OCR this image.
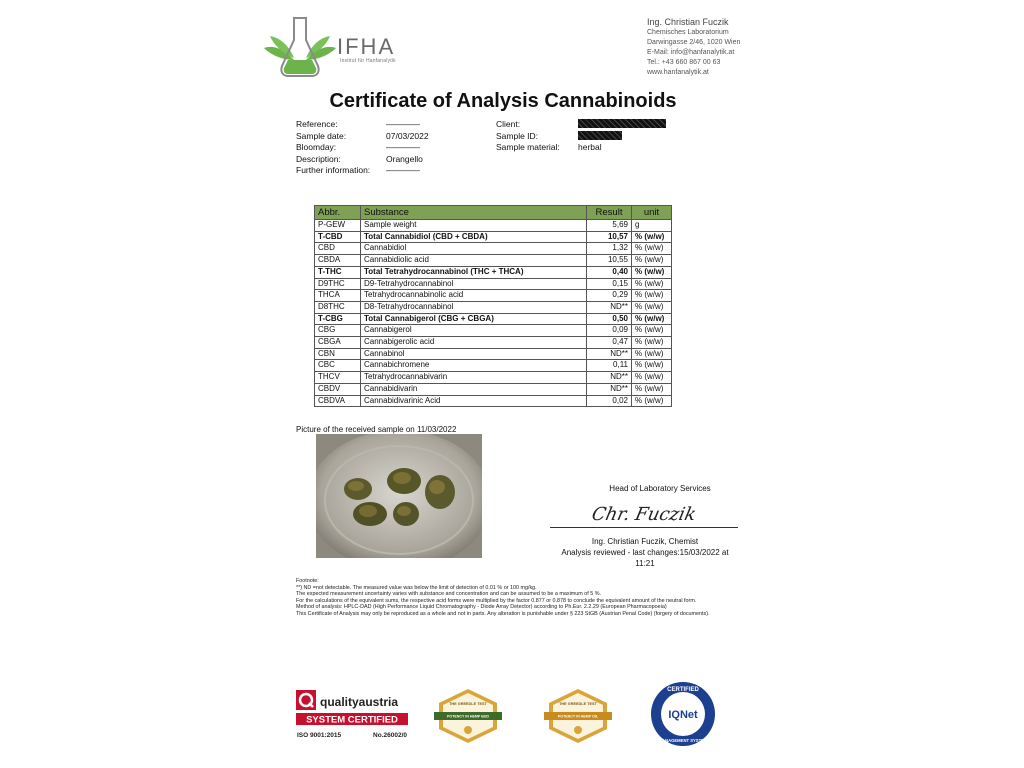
IFHA
Institut für Hanfanalytik
Ing. Christian Fuczik
Chemisches Laboratorium
Darwingasse 2/46, 1020 Wien
E-Mail: info@hanfanalytik.at
Tel.: +43 660 867 00 63
www.hanfanalytik.at
Certificate of Analysis Cannabinoids
Reference:	————
Sample date:	07/03/2022
Bloomday:	————
Description:	Orangello
Further information:	————
Client:
Sample ID:
Sample material:	herbal
Abbr.	Substance	Result	unit
P-GEW	Sample weight	5,69	g
T-CBD	Total Cannabidiol (CBD + CBDA)	10,57	% (w/w)
CBD	Cannabidiol	1,32	% (w/w)
CBDA	Cannabidiolic acid	10,55	% (w/w)
T-THC	Total Tetrahydrocannabinol (THC + THCA)	0,40	% (w/w)
D9THC	D9-Tetrahydrocannabinol	0,15	% (w/w)
THCA	Tetrahydrocannabinolic acid	0,29	% (w/w)
D8THC	D8-Tetrahydrocannabinol	ND**	% (w/w)
T-CBG	Total Cannabigerol (CBG + CBGA)	0,50	% (w/w)
CBG	Cannabigerol	0,09	% (w/w)
CBGA	Cannabigerolic acid	0,47	% (w/w)
CBN	Cannabinol	ND**	% (w/w)
CBC	Cannabichromene	0,11	% (w/w)
THCV	Tetrahydrocannabivarin	ND**	% (w/w)
CBDV	Cannabidivarin	ND**	% (w/w)
CBDVA	Cannabidivarinic Acid	0,02	% (w/w)
Picture of the received sample on 11/03/2022
Head of Laboratory Services
Chr. Fuczik
Ing. Christian Fuczik, Chemist
Analysis reviewed - last changes:15/03/2022 at
11:21
Footnote:
**) ND =not detectable. The measured value was below the limit of detection of 0.01 % or 100 mg/kg.
The expected measurement uncertainty varies with substance and concentration and can be assumed to be a maximum of 5 %.
For the calculations of the equivalent sums, the respective acid forms were multiplied by the factor 0.877 or 0.878 to conclude the equivalent amount of the neutral form.
Method of analysis: HPLC-DAD (High Performance Liquid Chromatography - Diode Array Detector) according to Ph.Eur. 2.2.29 (European Pharmacopoeia)
This Certificate of Analysis may only be reproduced as a whole and not in parts. Any alteration is punishable under § 223 StGB (Austrian Penal Code) (forgery of documents).
qualityaustria
SYSTEM CERTIFIED
ISO 9001:2015	No.26002/0
THE GREEDLE TEST
POTENCY IN HEMP BUD
THE GREEDLE TEST
POTENCY IN HEMP OIL
CERTIFIED
IQNet
MANAGEMENT SYSTEM
